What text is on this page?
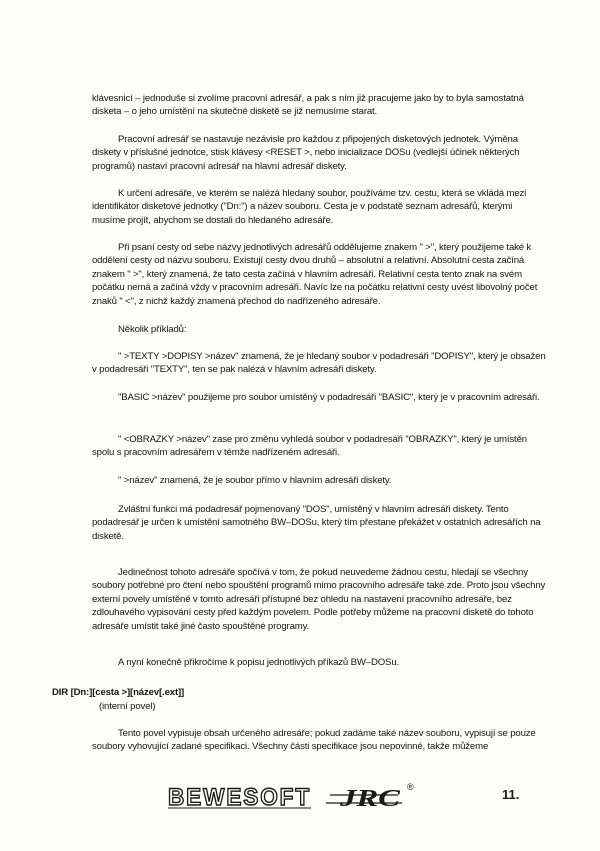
klávesnicí – jednoduše si zvolíme pracovní adresář, a pak s ním již pracujeme jako by to byla samostatná disketa – o jeho umístění na skutečné disketě se již nemusíme starat.

Pracovní adresář se nastavuje nezávisle pro každou z připojených disketových jednotek. Výměna diskety v příslušné jednotce, stisk klávesy <RESET >, nebo inicializace DOSu (vedlejší účinek některých programů) nastaví pracovní adresář na hlavní adresář diskety.

K určení adresáře, ve kterém se nalézá hledaný soubor, používáme tzv. cestu, která se vkládá mezi identifikátor disketové jednotky ("Dn:") a název souboru. Cesta je v podstatě seznam adresářů, kterými musíme projít, abychom se dostali do hledaného adresáře.

Při psaní cesty od sebe názvy jednotlivých adresářů oddělujeme znakem " >", který použijeme také k oddělení cesty od názvu souboru. Existují cesty dvou druhů – absolutní a relativní. Absolutní cesta začíná znakem " >", který znamená, že tato cesta začíná v hlavním adresáři. Relativní cesta tento znak na svém počátku nemá a začíná vždy v pracovním adresáři. Navíc lze na počátku relativní cesty uvést libovolný počet znaků " <", z nichž každý znamená přechod do nadřízeného adresáře.

Několik příkladů:

" >TEXTY >DOPISY >název" znamená, že je hledaný soubor v podadresáři "DOPISY", který je obsažen v podadresáři "TEXTY", ten se pak nalézá v hlavním adresáři diskety.

"BASIC >název" použijeme pro soubor umístěný v podadresáři "BASIC", který je v pracovním adresáři.

" <OBRAZKY >název" zase pro změnu vyhledá soubor v podadresáři "OBRAZKY", který je umístěn spolu s pracovním adresářem v témže nadřízeném adresáři.

" >název" znamená, že je soubor přímo v hlavním adresáři diskety.

Zvláštní funkci má podadresář pojmenovaný "DOS", umístěný v hlavním adresáři diskety. Tento podadresář je určen k umístění samotného BW–DOSu, který tím přestane překážet v ostatních adresářích na disketě.

Jedinečnost tohoto adresáře spočívá v tom, že pokud neuvedeme žádnou cestu, hledají se všechny soubory potřebné pro čtení nebo spouštění programů mimo pracovního adresáře také zde. Proto jsou všechny externí povely umístěné v tomto adresáři přístupné bez ohledu na nastavení pracovního adresáře, bez zdlouhavého vypisování cesty před každým povelem. Podle potřeby můžeme na pracovní disketě do tohoto adresáře umístit také jiné často spouštěné programy.

A nyní konečně přikročíme k popisu jednotlivých příkazů BW–DOSu.

DIR [Dn:][cesta >][název[.ext]]

(interní povel)

Tento povel vypisuje obsah určeného adresáře; pokud zadáme také název souboru, vypisují se pouze soubory vyhovující zadané specifikaci. Všechny části specifikace jsou nepovinné, takže můžeme

BEWESOFT JRC ®	11.
